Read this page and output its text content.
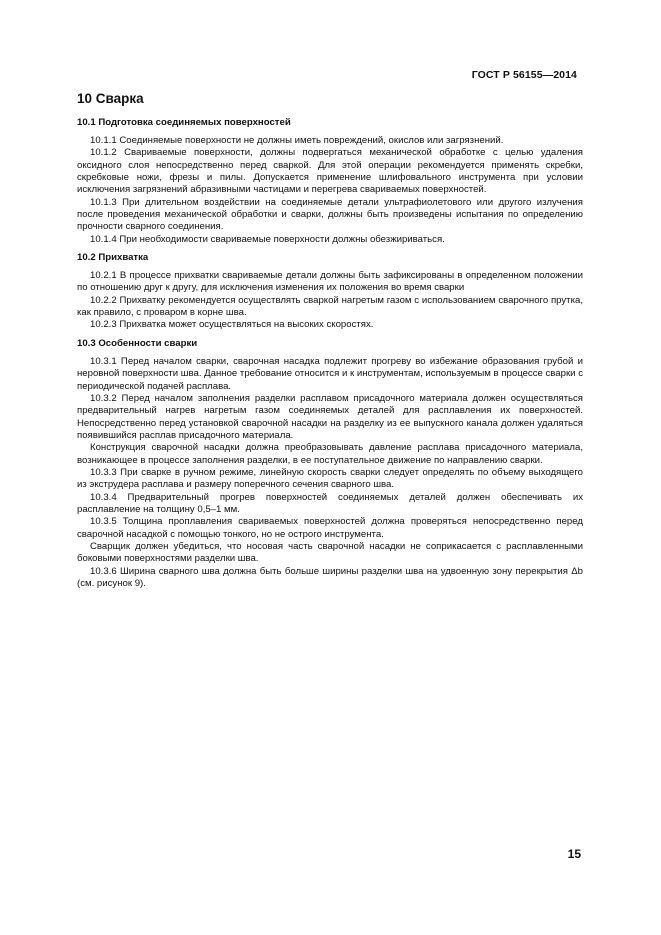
ГОСТ Р 56155—2014
10 Сварка
10.1 Подготовка соединяемых поверхностей

10.1.1 Соединяемые поверхности не должны иметь повреждений, окислов или загрязнений.

10.1.2 Свариваемые поверхности, должны подвергаться механической обработке с целью удаления оксидного слоя непосредственно перед сваркой. Для этой операции рекомендуется применять скребки, скребковые ножи, фрезы и пилы. Допускается применение шлифовального инструмента при условии исключения загрязнений абразивными частицами и перегрева свариваемых поверхностей.

10.1.3 При длительном воздействии на соединяемые детали ультрафиолетового или другого излучения после проведения механической обработки и сварки, должны быть произведены испытания по определению прочности сварного соединения.

10.1.4 При необходимости свариваемые поверхности должны обезжириваться.

10.2 Прихватка

10.2.1 В процессе прихватки свариваемые детали должны быть зафиксированы в определенном положении по отношению друг к другу, для исключения изменения их положения во время сварки

10.2.2 Прихватку рекомендуется осуществлять сваркой нагретым газом с использованием сварочного прутка, как правило, с проваром в корне шва.

10.2.3 Прихватка может осуществляться на высоких скоростях.

10.3 Особенности сварки

10.3.1 Перед началом сварки, сварочная насадка подлежит прогреву во избежание образования грубой и неровной поверхности шва. Данное требование относится и к инструментам, используемым в процессе сварки с периодической подачей расплава.

10.3.2 Перед началом заполнения разделки расплавом присадочного материала должен осуществляться предварительный нагрев нагретым газом соединяемых деталей для расплавления их поверхностей. Непосредственно перед установкой сварочной насадки на разделку из ее выпускного канала должен удаляться появившийся расплав присадочного материала.

Конструкция сварочной насадки должна преобразовывать давление расплава присадочного материала, возникающее в процессе заполнения разделки, в ее поступательное движение по направлению сварки.

10.3.3 При сварке в ручном режиме, линейную скорость сварки следует определять по объему выходящего из экструдера расплава и размеру поперечного сечения сварного шва.

10.3.4 Предварительный прогрев поверхностей соединяемых деталей должен обеспечивать их расплавление на толщину 0,5–1 мм.

10.3.5 Толщина проплавления свариваемых поверхностей должна проверяться непосредственно перед сварочной насадкой с помощью тонкого, но не острого инструмента.

Сварщик должен убедиться, что носовая часть сварочной насадки не соприкасается с расплавленными боковыми поверхностями разделки шва.

10.3.6 Ширина сварного шва должна быть больше ширины разделки шва на удвоенную зону перекрытия Δb (см. рисунок 9).

15
